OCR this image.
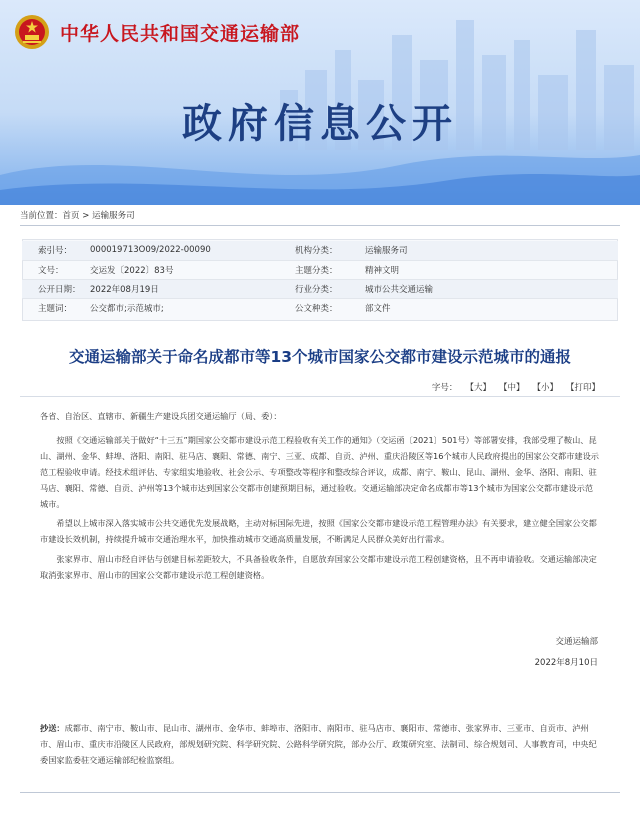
中华人民共和国交通运输部
政府信息公开
当前位置：首页 > 运输服务司
索引号：	000019713O09/2022-00090	机构分类：	运输服务司
文号：	交运发〔2022〕83号	主题分类：	精神文明
公开日期：	2022年08月19日	行业分类：	城市公共交通运输
主题词：	公交都市;示范城市;	公文种类：	部文件
交通运输部关于命名成都市等13个城市国家公交都市建设示范城市的通报
字号： 【大】 【中】 【小】 【打印】
各省、自治区、直辖市、新疆生产建设兵团交通运输厅（局、委）：
按照《交通运输部关于做好“十三五”期国家公交都市建设示范工程验收有关工作的通知》（交运函〔2021〕501号）等部署安排，我部受理了鞍山、昆山、湖州、金华、蚌埠、洛阳、南阳、驻马店、襄阳、常德、南宁、三亚、成都、自贡、泸州、重庆沿陵区等16个城市人民政府提出的国家公交都市建设示范工程验收申请。经技术组评估、专家组实地验收、社会公示、专项整改等程序和整改综合评议，成都、南宁、鞍山、昆山、湖州、金华、洛阳、南阳、驻马店、襄阳、常德、自贡、泸州等13个城市达到国家公交都市创建预期目标，通过验收。交通运输部决定命名成都市等13个城市为国家公交都市建设示范城市。
希望以上城市深入落实城市公共交通优先发展战略，主动对标国际先进，按照《国家公交都市建设示范工程管理办法》有关要求，建立健全国家公交都市建设长效机制，持续提升城市交通治理水平，加快推动城市交通高质量发展，不断满足人民群众美好出行需求。
张家界市、眉山市经自评估与创建目标差距较大，不具备验收条件，自愿放弃国家公交都市建设示范工程创建资格，且不再申请验收。交通运输部决定取消张家界市、眉山市的国家公交都市建设示范工程创建资格。
交通运输部
2022年8月10日
抄送：成都市、南宁市、鞍山市、昆山市、湖州市、金华市、蚌埠市、洛阳市、南阳市、驻马店市、襄阳市、常德市、张家界市、三亚市、自贡市、泸州市、眉山市、重庆市沿陵区人民政府，部规划研究院、科学研究院、公路科学研究院，部办公厅、政策研究室、法制司、综合规划司、人事教育司，中央纪委国家监委驻交通运输部纪检监察组。
